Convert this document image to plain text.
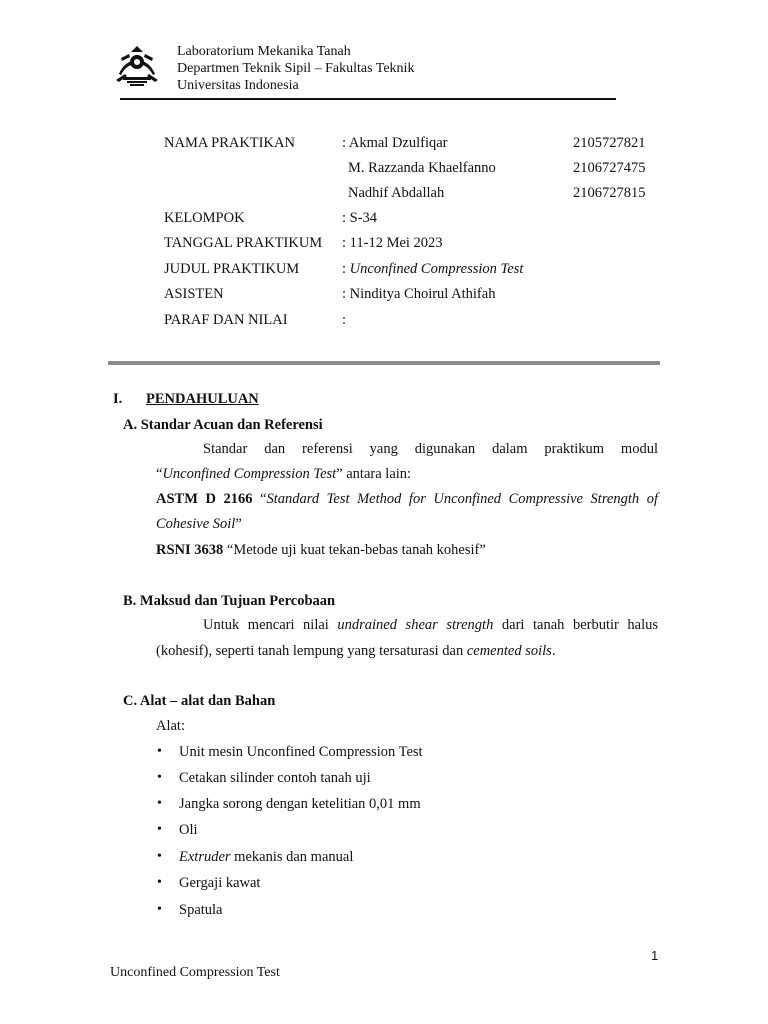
Laboratorium Mekanika Tanah
Departmen Teknik Sipil – Fakultas Teknik
Universitas Indonesia
NAMA PRAKTIKAN	: Akmal Dzulfiqar	2105727821
M. Razzanda Khaelfanno	2106727475
Nadhif Abdallah	2106727815
KELOMPOK	: S-34
TANGGAL PRAKTIKUM : 11-12 Mei 2023
JUDUL PRAKTIKUM	: Unconfined Compression Test
ASISTEN	: Ninditya Choirul Athifah
PARAF DAN NILAI	:
I. PENDAHULUAN
A. Standar Acuan dan Referensi
Standar dan referensi yang digunakan dalam praktikum modul
“Unconfined Compression Test” antara lain:
ASTM D 2166 “Standard Test Method for Unconfined Compressive Strength of
Cohesive Soil”
RSNI 3638 “Metode uji kuat tekan-bebas tanah kohesif”
B. Maksud dan Tujuan Percobaan
Untuk mencari nilai undrained shear strength dari tanah berbutir halus
(kohesif), seperti tanah lempung yang tersaturasi dan cemented soils.
C. Alat – alat dan Bahan
Alat:
• Unit mesin Unconfined Compression Test
• Cetakan silinder contoh tanah uji
• Jangka sorong dengan ketelitian 0,01 mm
• Oli
• Extruder mekanis dan manual
• Gergaji kawat
• Spatula
1
Unconfined Compression Test
